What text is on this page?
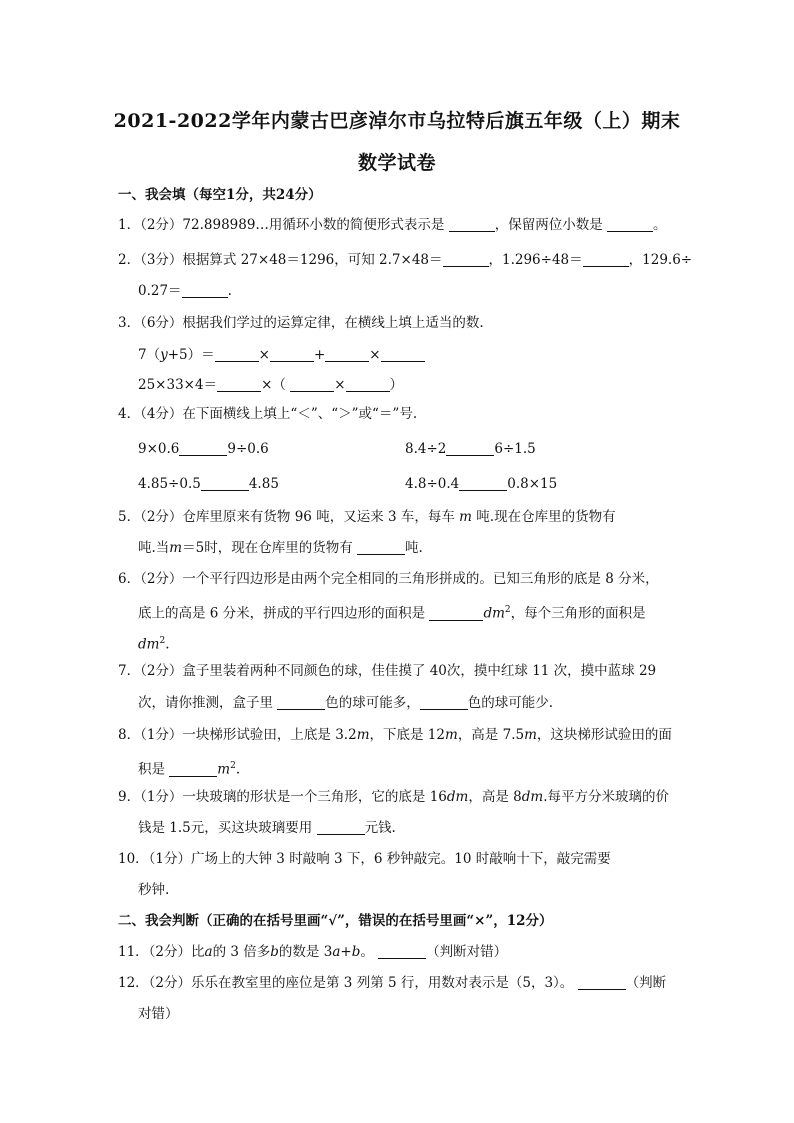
2021-2022学年内蒙古巴彦淖尔市乌拉特后旗五年级（上）期末
数学试卷
一、我会填（每空1分，共24分）
1．（2分）72.898989…用循环小数的简便形式表示是	，保留两位小数是	。
2．（3分）根据算式 27×48＝1296，可知 2.7×48＝	，1.296÷48＝	，129.6÷
0.27＝	.
3．（6分）根据我们学过的运算定律，在横线上填上适当的数.
7（y+5）＝	×	+	×
25×33×4＝	×（	×	）
4．（4分）在下面横线上填上“＜”、“＞”或“＝”号.
9×0.6	9÷0.6	8.4÷2	6÷1.5
4.85÷0.5	4.85	4.8÷0.4	0.8×15
5．（2分）仓库里原来有货物 96 吨，又运来 3 车，每车 m 吨.现在仓库里的货物有
吨.当m＝5时，现在仓库里的货物有	吨.
6．（2分）一个平行四边形是由两个完全相同的三角形拼成的。已知三角形的底是 8 分米，
底上的高是 6 分米，拼成的平行四边形的面积是	$dm^2$，每个三角形的面积是
$dm^2$.
7．（2分）盒子里装着两种不同颜色的球，佳佳摸了 40次，摸中红球 11 次，摸中蓝球 29
次，请你推测，盒子里	色的球可能多，	色的球可能少.
8．（1分）一块梯形试验田，上底是 3.2m，下底是 12m，高是 7.5m，这块梯形试验田的面
积是	$m^2$.
9．（1分）一块玻璃的形状是一个三角形，它的底是 16dm，高是 8dm.每平方分米玻璃的价
钱是 1.5元，买这块玻璃要用	元钱.
10．（1分）广场上的大钟 3 时敲响 3 下，6 秒钟敲完。10 时敲响十下，敲完需要
秒钟.
二、我会判断（正确的在括号里画“√”，错误的在括号里画“×”，12分）
11．（2分）比a的 3 倍多b的数是 3a+b。	（判断对错）
12．（2分）乐乐在教室里的座位是第 3 列第 5 行，用数对表示是（5，3）。	（判断
对错）
